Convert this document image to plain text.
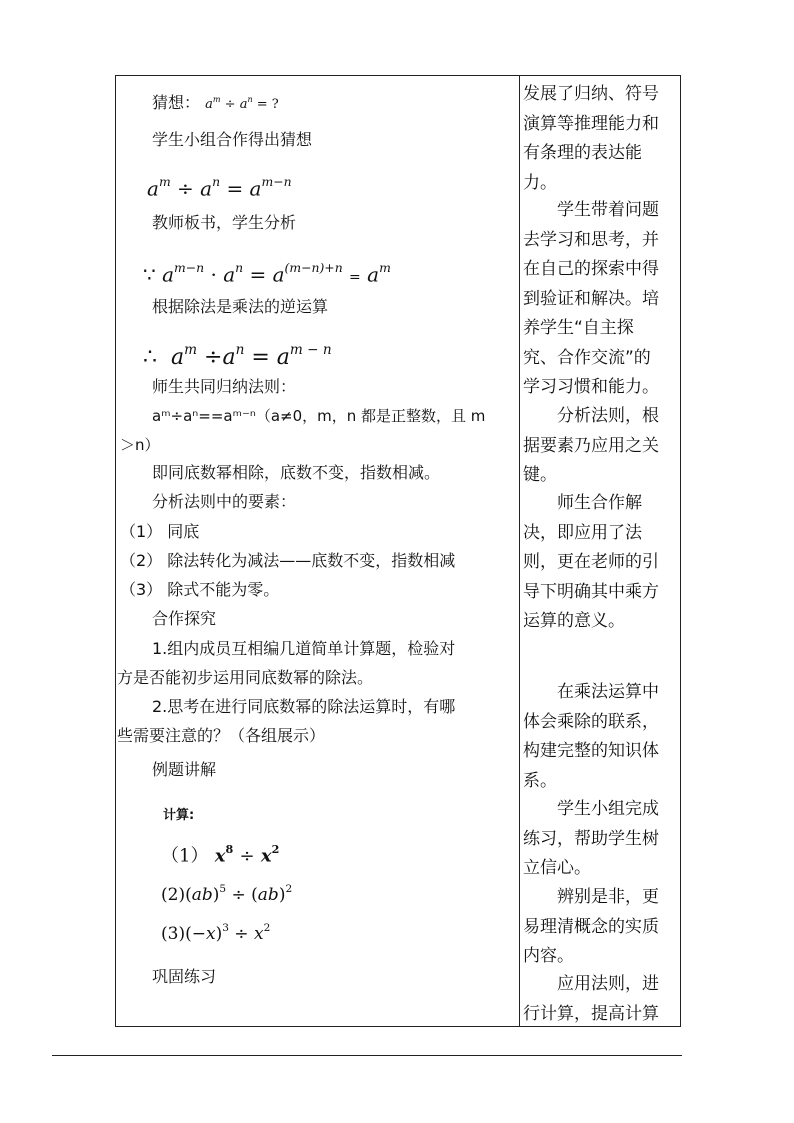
猜想： $a^m \div a^n$ = ?
学生小组合作得出猜想
$a^m \div a^n = a^{m-n}$
教师板书，学生分析
∵ $a^{m-n} \cdot a^n = a^{(m-n)+n} = a^m$
根据除法是乘法的逆运算
∴  $a^m \div a^n = a^{m - n}$
师生共同归纳法则：
aᵐ÷aⁿ==aᵐ⁻ⁿ（a≠0，m，n 都是正整数，且 m
＞n）
即同底数幂相除，底数不变，指数相减。
分析法则中的要素：
（1） 同底
（2） 除法转化为减法——底数不变，指数相减
（3） 除式不能为零。
合作探究
1.组内成员互相编几道简单计算题，检验对
方是否能初步运用同底数幂的除法。
2.思考在进行同底数幂的除法运算时，有哪
些需要注意的？（各组展示）
例题讲解
计算:
（1） $x^8 \div x^2$
(2)(ab)$^5$ ÷ (ab)$^2$
$(3)(-x)^3 \div x^2$
巩固练习

发展了归纳、符号

演算等推理能力和

有条理的表达能

力。

学生带着问题

去学习和思考，并

在自己的探索中得

到验证和解决。培

养学生“自主探

究、合作交流”的

学习习惯和能力。

分析法则，根

据要素乃应用之关

键。

师生合作解

决，即应用了法

则，更在老师的引

导下明确其中乘方

运算的意义。

在乘法运算中

体会乘除的联系，

构建完整的知识体

系。

学生小组完成

练习，帮助学生树

立信心。

辨别是非，更

易理清概念的实质

内容。

应用法则，进

行计算，提高计算
